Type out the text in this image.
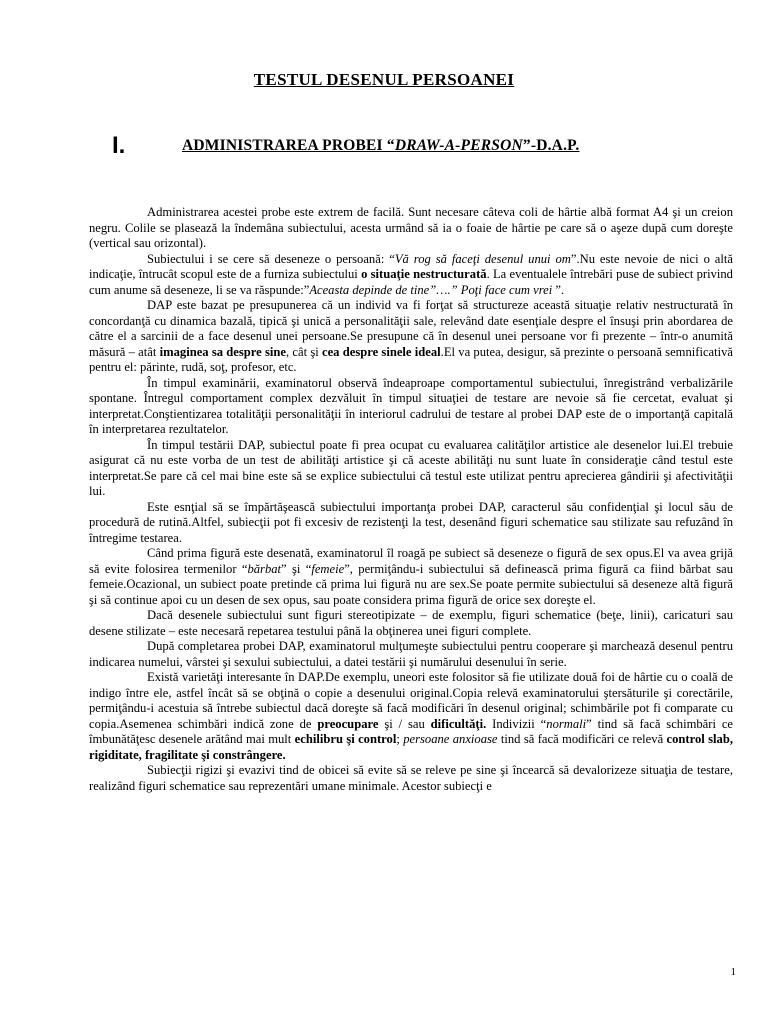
TESTUL DESENUL PERSOANEI
I.	ADMINISTRAREA PROBEI “DRAW-A-PERSON”-D.A.P.

Administrarea acestei probe este extrem de facilă. Sunt necesare câteva coli de hârtie albă format A4 şi un creion negru. Colile se plasează la îndemâna subiectului, acesta urmând să ia o foaie de hârtie pe care să o aşeze după cum doreşte (vertical sau orizontal).

Subiectului i se cere să deseneze o persoană: “Vă rog să faceţi desenul unui om”.Nu este nevoie de nici o altă indicaţie, întrucât scopul este de a furniza subiectului o situaţie nestructurată. La eventualele întrebări puse de subiect privind cum anume să deseneze, li se va răspunde:”Aceasta depinde de tine”….” Poţi face cum vrei ”.

DAP este bazat pe presupunerea că un individ va fi forţat să structureze această situaţie relativ nestructurată în concordanţă cu dinamica bazală, tipică şi unică a personalităţii sale, relevând date esenţiale despre el însuşi prin abordarea de către el a sarcinii de a face desenul unei persoane.Se presupune că în desenul unei persoane vor fi prezente – într-o anumită măsură – atât imaginea sa despre sine, cât şi cea despre sinele ideal.El va putea, desigur, să prezinte o persoană semnificativă pentru el: părinte, rudă, soţ, profesor, etc.

În timpul examinării, examinatorul observă îndeaproape comportamentul subiectului, înregistrând verbalizările spontane. Întregul comportament complex dezvăluit în timpul situaţiei de testare are nevoie să fie cercetat, evaluat şi interpretat.Conştientizarea totalităţii personalităţii în interiorul cadrului de testare al probei DAP este de o importanţă capitală în interpretarea rezultatelor.

În timpul testării DAP, subiectul poate fi prea ocupat cu evaluarea calităţilor artistice ale desenelor lui.El trebuie asigurat că nu este vorba de un test de abilităţi artistice şi că aceste abilităţi nu sunt luate în consideraţie când testul este interpretat.Se pare că cel mai bine este să se explice subiectului că testul este utilizat pentru aprecierea gândirii şi afectivităţii lui.

Este esnţial să se împărtăşească subiectului importanţa probei DAP, caracterul său confidenţial şi locul său de procedură de rutină.Altfel, subiecţii pot fi excesiv de rezistenţi la test, desenând figuri schematice sau stilizate sau refuzând în întregime testarea.

Când prima figură este desenată, examinatorul îl roagă pe subiect să deseneze o figură de sex opus.El va avea grijă să evite folosirea termenilor “bărbat” şi “femeie”, permiţându-i subiectului să definească prima figură ca fiind bărbat sau femeie.Ocazional, un subiect poate pretinde că prima lui figură nu are sex.Se poate permite subiectului să deseneze altă figură şi să continue apoi cu un desen de sex opus, sau poate considera prima figură de orice sex doreşte el.

Dacă desenele subiectului sunt figuri stereotipizate – de exemplu, figuri schematice (beţe, linii), caricaturi sau desene stilizate – este necesară repetarea testului până la obţinerea unei figuri complete.

După completarea probei DAP, examinatorul mulţumeşte subiectului pentru cooperare şi marchează desenul pentru indicarea numelui, vârstei şi sexului subiectului, a datei testării şi numărului desenului în serie.

Există varietăţi interesante în DAP.De exemplu, uneori este folositor să fie utilizate două foi de hârtie cu o coală de indigo între ele, astfel încât să se obţină o copie a desenului original.Copia relevă examinatorului ştersăturile şi corectările, permiţându-i acestuia să întrebe subiectul dacă doreşte să facă modificări în desenul original; schimbările pot fi comparate cu copia.Asemenea schimbări indică zone de preocupare şi / sau dificultăţi. Indivizii “normali” tind să facă schimbări ce îmbunătăţesc desenele arătând mai mult echilibru şi control; persoane anxioase tind să facă modificări ce relevă control slab, rigiditate, fragilitate şi constrângere.

Subiecţii rigizi şi evazivi tind de obicei să evite să se releve pe sine şi încearcă să devalorizeze situaţia de testare, realizând figuri schematice sau reprezentări umane minimale. Acestor subiecţi e

1
